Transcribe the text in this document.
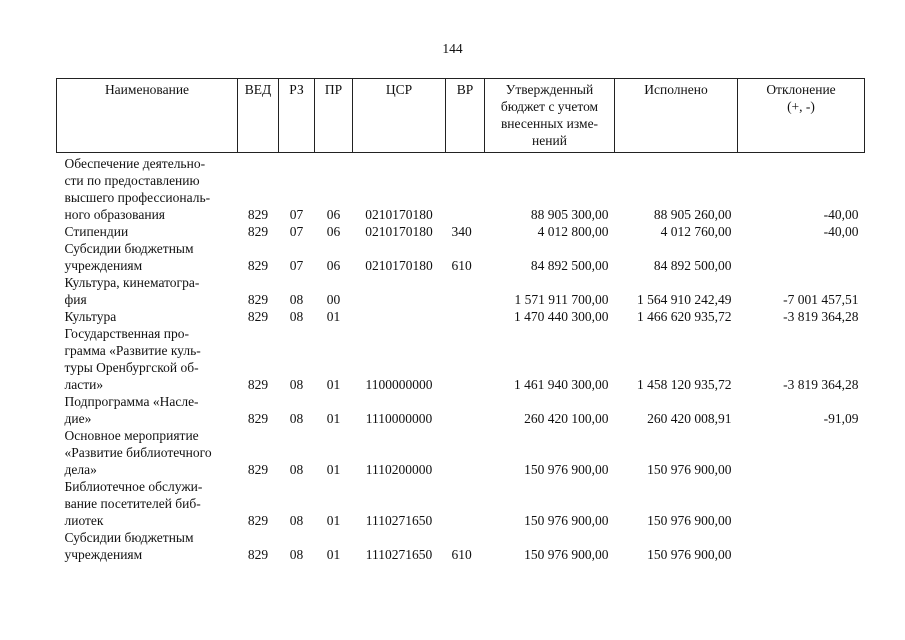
144
Наименование	ВЕД	РЗ	ПР	ЦСР	ВР	Утвержденный
бюджет с учетом
внесенных изме-
нений	Исполнено	Отклонение
(+, -)

Обеспечение деятельно-
сти по предоставлению
высшего профессиональ-
ного образования	829	07	06	0210170180		88 905 300,00	88 905 260,00	-40,00

Стипендии	829	07	06	0210170180	340	4 012 800,00	4 012 760,00	-40,00

Субсидии бюджетным
учреждениям	829	07	06	0210170180	610	84 892 500,00	84 892 500,00	

Культура, кинематогра-
фия	829	08	00			1 571 911 700,00	1 564 910 242,49	-7 001 457,51

Культура	829	08	01			1 470 440 300,00	1 466 620 935,72	-3 819 364,28

Государственная про-
грамма «Развитие куль-
туры Оренбургской об-
ласти»	829	08	01	1100000000		1 461 940 300,00	1 458 120 935,72	-3 819 364,28

Подпрограмма «Насле-
дие»	829	08	01	1110000000		260 420 100,00	260 420 008,91	-91,09

Основное мероприятие
«Развитие библиотечного
дела»	829	08	01	1110200000		150 976 900,00	150 976 900,00	

Библиотечное обслужи-
вание посетителей биб-
лиотек	829	08	01	1110271650		150 976 900,00	150 976 900,00	

Субсидии бюджетным
учреждениям	829	08	01	1110271650	610	150 976 900,00	150 976 900,00	
